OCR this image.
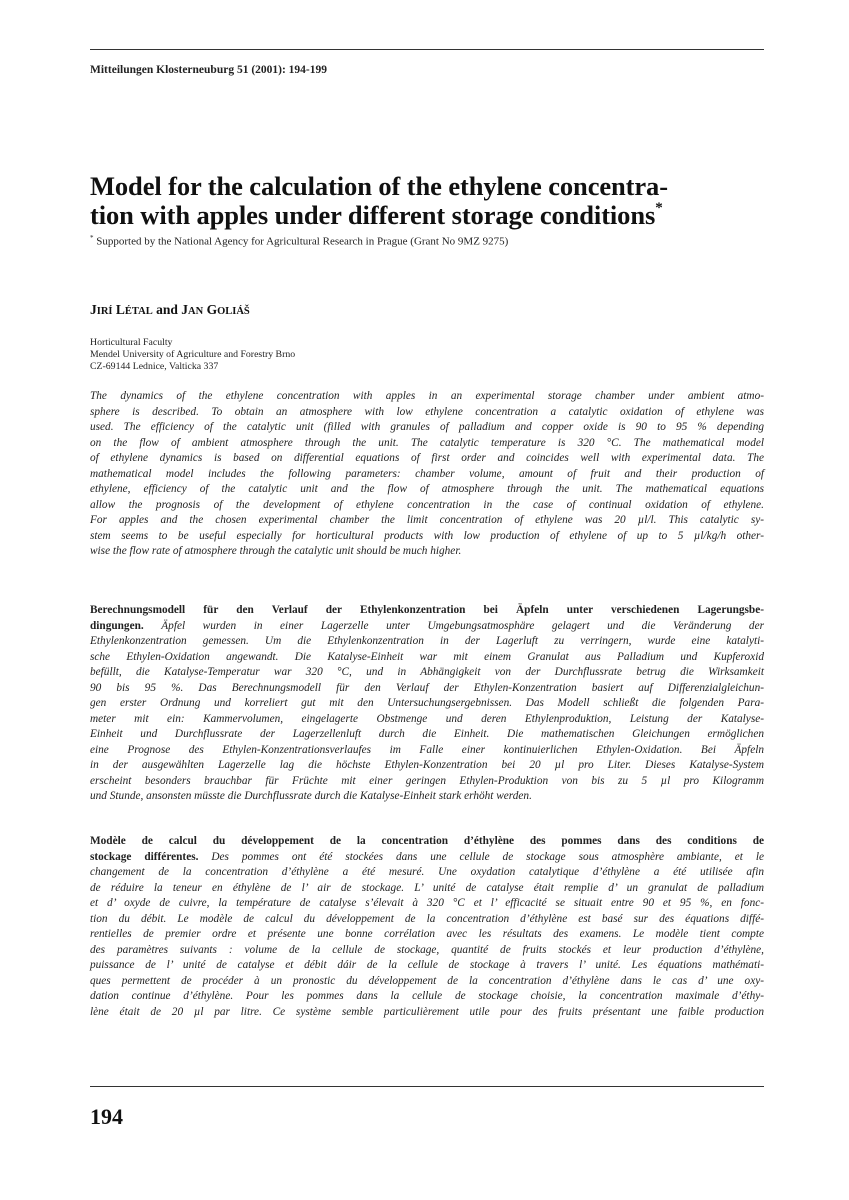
Mitteilungen Klosterneuburg 51 (2001): 194-199
Model for the calculation of the ethylene concentra-
tion with apples under different storage conditions*
* Supported by the National Agency for Agricultural Research in Prague (Grant No 9MZ 9275)
JIRÍ LÉTAL and JAN GOLIÁŠ
Horticultural Faculty
Mendel University of Agriculture and Forestry Brno
CZ-69144 Lednice, Valticka 337
The dynamics of the ethylene concentration with apples in an experimental storage chamber under ambient atmo-
sphere is described. To obtain an atmosphere with low ethylene concentration a catalytic oxidation of ethylene was
used. The efficiency of the catalytic unit (filled with granules of palladium and copper oxide is 90 to 95 % depending
on the flow of ambient atmosphere through the unit. The catalytic temperature is 320 °C. The mathematical model
of ethylene dynamics is based on differential equations of first order and coincides well with experimental data. The
mathematical model includes the following parameters: chamber volume, amount of fruit and their production of
ethylene, efficiency of the catalytic unit and the flow of atmosphere through the unit. The mathematical equations
allow the prognosis of the development of ethylene concentration in the case of continual oxidation of ethylene.
For apples and the chosen experimental chamber the limit concentration of ethylene was 20 µl/l. This catalytic sy-
stem seems to be useful especially for horticultural products with low production of ethylene of up to 5 µl/kg/h other-
wise the flow rate of atmosphere through the catalytic unit should be much higher.
Berechnungsmodell für den Verlauf der Ethylenkonzentration bei Äpfeln unter verschiedenen Lagerungsbe-
dingungen. Äpfel wurden in einer Lagerzelle unter Umgebungsatmosphäre gelagert und die Veränderung der
Ethylenkonzentration gemessen. Um die Ethylenkonzentration in der Lagerluft zu verringern, wurde eine katalyti-
sche Ethylen-Oxidation angewandt. Die Katalyse-Einheit war mit einem Granulat aus Palladium und Kupferoxid
befüllt, die Katalyse-Temperatur war 320 °C, und in Abhängigkeit von der Durchflussrate betrug die Wirksamkeit
90 bis 95 %. Das Berechnungsmodell für den Verlauf der Ethylen-Konzentration basiert auf Differenzialgleichun-
gen erster Ordnung und korreliert gut mit den Untersuchungsergebnissen. Das Modell schließt die folgenden Para-
meter mit ein: Kammervolumen, eingelagerte Obstmenge und deren Ethylenproduktion, Leistung der Katalyse-
Einheit und Durchflussrate der Lagerzellenluft durch die Einheit. Die mathematischen Gleichungen ermöglichen
eine Prognose des Ethylen-Konzentrationsverlaufes im Falle einer kontinuierlichen Ethylen-Oxidation. Bei Äpfeln
in der ausgewählten Lagerzelle lag die höchste Ethylen-Konzentration bei 20 µl pro Liter. Dieses Katalyse-System
erscheint besonders brauchbar für Früchte mit einer geringen Ethylen-Produktion von bis zu 5 µl pro Kilogramm
und Stunde, ansonsten müsste die Durchflussrate durch die Katalyse-Einheit stark erhöht werden.
Modèle de calcul du développement de la concentration d’éthylène des pommes dans des conditions de
stockage différentes. Des pommes ont été stockées dans une cellule de stockage sous atmosphère ambiante, et le
changement de la concentration d’éthylène a été mesuré. Une oxydation catalytique d’éthylène a été utilisée afin
de réduire la teneur en éthylène de l’ air de stockage. L’ unité de catalyse était remplie d’ un granulat de palladium
et d’ oxyde de cuivre, la température de catalyse s’élevait à 320 °C et l’ efficacité se situait entre 90 et 95 %, en fonc-
tion du débit. Le modèle de calcul du développement de la concentration d’éthylène est basé sur des équations diffé-
rentielles de premier ordre et présente une bonne corrélation avec les résultats des examens. Le modèle tient compte
des paramètres suivants : volume de la cellule de stockage, quantité de fruits stockés et leur production d’éthylène,
puissance de l’ unité de catalyse et débit dáir de la cellule de stockage à travers l’ unité. Les équations mathémati-
ques permettent de procéder à un pronostic du développement de la concentration d’éthylène dans le cas d’ une oxy-
dation continue d’éthylène. Pour les pommes dans la cellule de stockage choisie, la concentration maximale d’éthy-
lène était de 20 µl par litre. Ce système semble particulièrement utile pour des fruits présentant une faible production
194
